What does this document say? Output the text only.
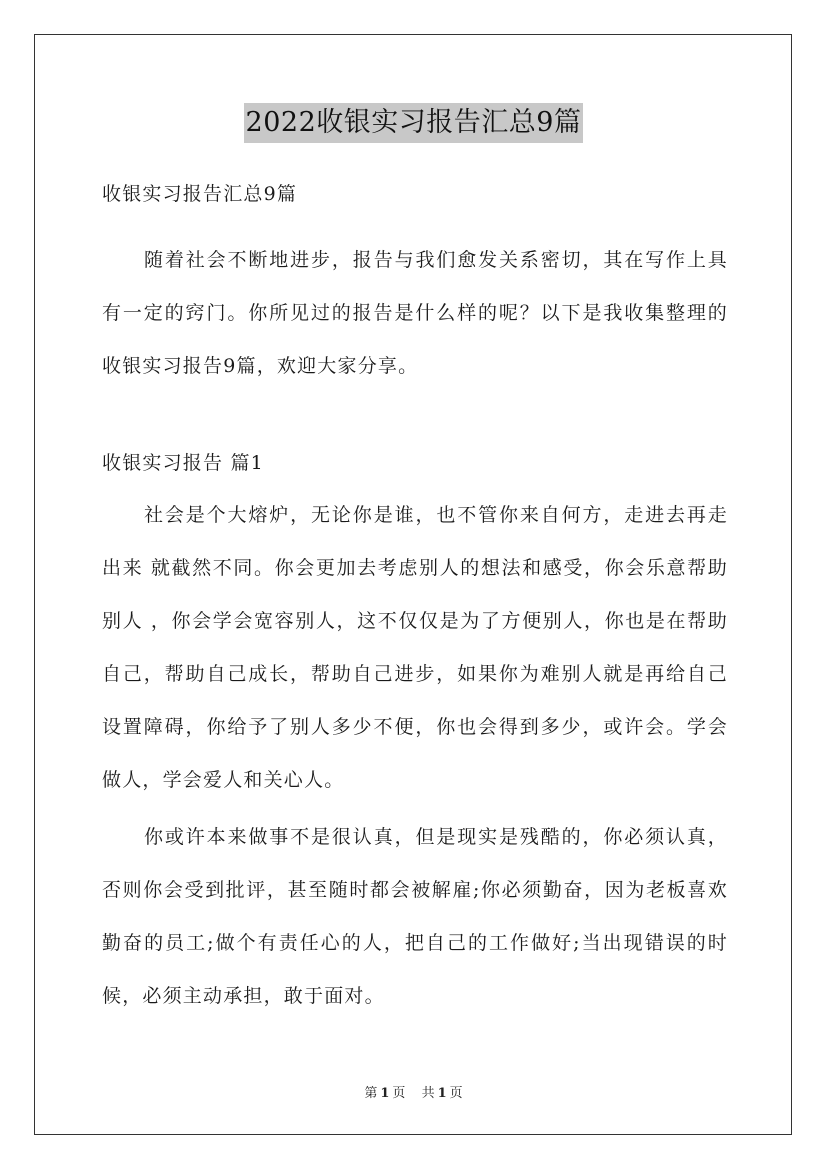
2022收银实习报告汇总9篇

收银实习报告汇总9篇

随着社会不断地进步，报告与我们愈发关系密切，其在写作上具有一定的窍门。你所见过的报告是什么样的呢？以下是我收集整理的收银实习报告9篇，欢迎大家分享。

收银实习报告 篇1

社会是个大熔炉，无论你是谁，也不管你来自何方，走进去再走出来 就截然不同。你会更加去考虑别人的想法和感受，你会乐意帮助别人 ，你会学会宽容别人，这不仅仅是为了方便别人，你也是在帮助自己，帮助自己成长，帮助自己进步，如果你为难别人就是再给自己设置障碍，你给予了别人多少不便，你也会得到多少，或许会。学会做人，学会爱人和关心人。

你或许本来做事不是很认真，但是现实是残酷的，你必须认真，否则你会受到批评，甚至随时都会被解雇;你必须勤奋，因为老板喜欢勤奋的员工;做个有责任心的人，把自己的工作做好;当出现错误的时候，必须主动承担，敢于面对。

第 1 页 共 1 页
